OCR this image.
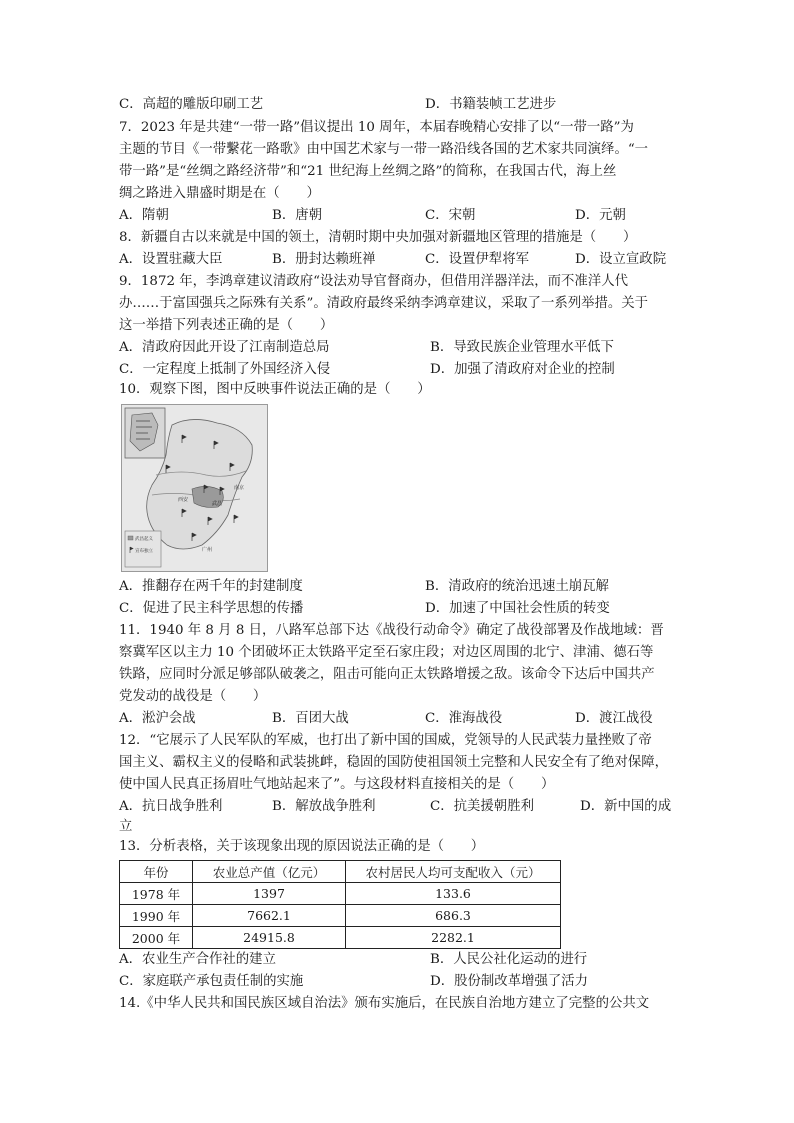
C．高超的雕版印刷工艺	D．书籍装帧工艺进步
7．2023 年是共建“一带一路”倡议提出 10 周年，本届春晚精心安排了以“一带一路”为
主题的节目《一带繫花一路歌》由中国艺术家与一带一路沿线各国的艺术家共同演绎。“一
带一路”是“丝绸之路经济带”和“21 世纪海上丝绸之路”的简称，在我国古代，海上丝
绸之路进入鼎盛时期是在（　　）
A．隋朝	B．唐朝	C．宋朝	D．元朝
8．新疆自古以来就是中国的领土，清朝时期中央加强对新疆地区管理的措施是（　　）
A．设置驻藏大臣	B．册封达赖班禅	C．设置伊犁将军	D．设立宣政院
9．1872 年，李鸿章建议清政府“设法劝导官督商办，但借用洋器洋法，而不准洋人代
办……于富国强兵之际殊有关系”。清政府最终采纳李鸿章建议，采取了一系列举措。关于
这一举措下列表述正确的是（　　）
A．清政府因此开设了江南制造总局	B．导致民族企业管理水平低下
C．一定程度上抵制了外国经济入侵	D．加强了清政府对企业的控制
10．观察下图，图中反映事件说法正确的是（　　）
西安
武昌
南京
广州
武昌起义
宣布独立
A．推翻存在两千年的封建制度	B．清政府的统治迅速土崩瓦解
C．促进了民主科学思想的传播	D．加速了中国社会性质的转变
11．1940 年 8 月 8 日，八路军总部下达《战役行动命令》确定了战役部署及作战地域：晋
察冀军区以主力 10 个团破坏正太铁路平定至石家庄段；对边区周围的北宁、津浦、德石等
铁路，应同时分派足够部队破袭之，阻击可能向正太铁路增援之敌。该命令下达后中国共产
党发动的战役是（　　）
A．淞沪会战	B．百团大战	C．淮海战役	D．渡江战役
12．“它展示了人民军队的军威，也打出了新中国的国威，党领导的人民武装力量挫败了帝
国主义、霸权主义的侵略和武装挑衅，稳固的国防使祖国领土完整和人民安全有了绝对保障，
使中国人民真正扬眉吐气地站起来了”。与这段材料直接相关的是（　　）
A．抗日战争胜利	B．解放战争胜利	C．抗美援朝胜利	D．新中国的成
立
13．分析表格，关于该现象出现的原因说法正确的是（　　）
年份	农业总产值（亿元）	农村居民人均可支配收入（元）
1978 年	1397	133.6
1990 年	7662.1	686.3
2000 年	24915.8	2282.1
A．农业生产合作社的建立	B．人民公社化运动的进行
C．家庭联产承包责任制的实施	D．股份制改革增强了活力
14.《中华人民共和国民族区域自治法》颁布实施后，在民族自治地方建立了完整的公共文
